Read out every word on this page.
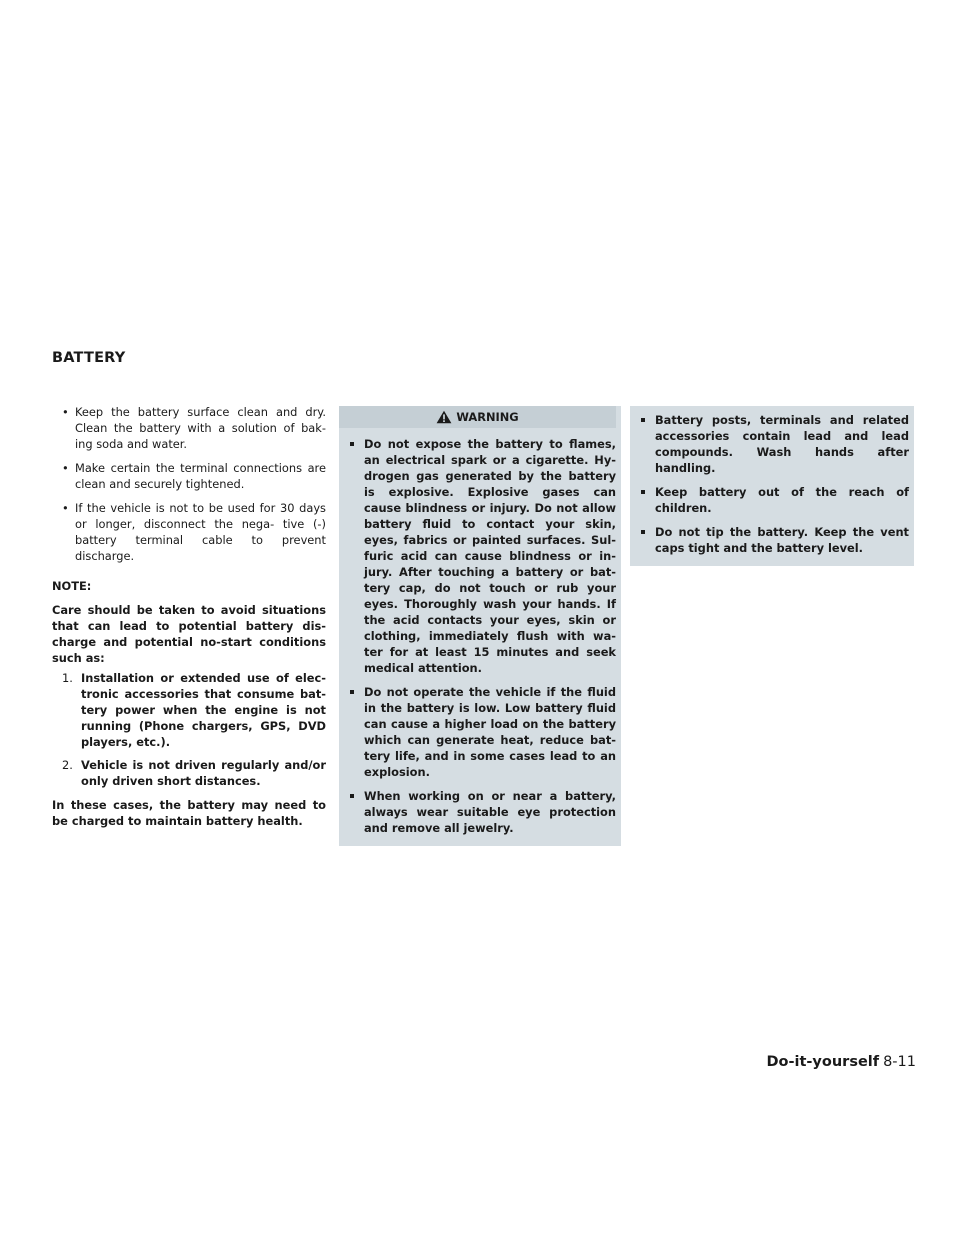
BATTERY
• Keep the battery surface clean and dry. Clean the battery with a solution of bak- ing soda and water.
• Make certain the terminal connections are clean and securely tightened.
• If the vehicle is not to be used for 30 days or longer, disconnect the nega- tive (-) battery terminal cable to prevent discharge.

NOTE:

Care should be taken to avoid situations that can lead to potential battery dis- charge and potential no-start conditions such as:

1. Installation or extended use of elec- tronic accessories that consume bat- tery power when the engine is not running (Phone chargers, GPS, DVD players, etc.).
2. Vehicle is not driven regularly and/or only driven short distances.

In these cases, the battery may need to be charged to maintain battery health.

WARNING
Do not expose the battery to flames, an electrical spark or a cigarette. Hy- drogen gas generated by the battery is explosive. Explosive gases can cause blindness or injury. Do not allow battery fluid to contact your skin, eyes, fabrics or painted surfaces. Sul- furic acid can cause blindness or in- jury. After touching a battery or bat- tery cap, do not touch or rub your eyes. Thoroughly wash your hands. If the acid contacts your eyes, skin or clothing, immediately flush with wa- ter for at least 15 minutes and seek medical attention.
Do not operate the vehicle if the fluid in the battery is low. Low battery fluid can cause a higher load on the battery which can generate heat, reduce bat- tery life, and in some cases lead to an explosion.
When working on or near a battery, always wear suitable eye protection and remove all jewelry.
Battery posts, terminals and related accessories contain lead and lead compounds. Wash hands after handling.
Keep battery out of the reach of children.
Do not tip the battery. Keep the vent caps tight and the battery level.
Do-it-yourself 8-11
